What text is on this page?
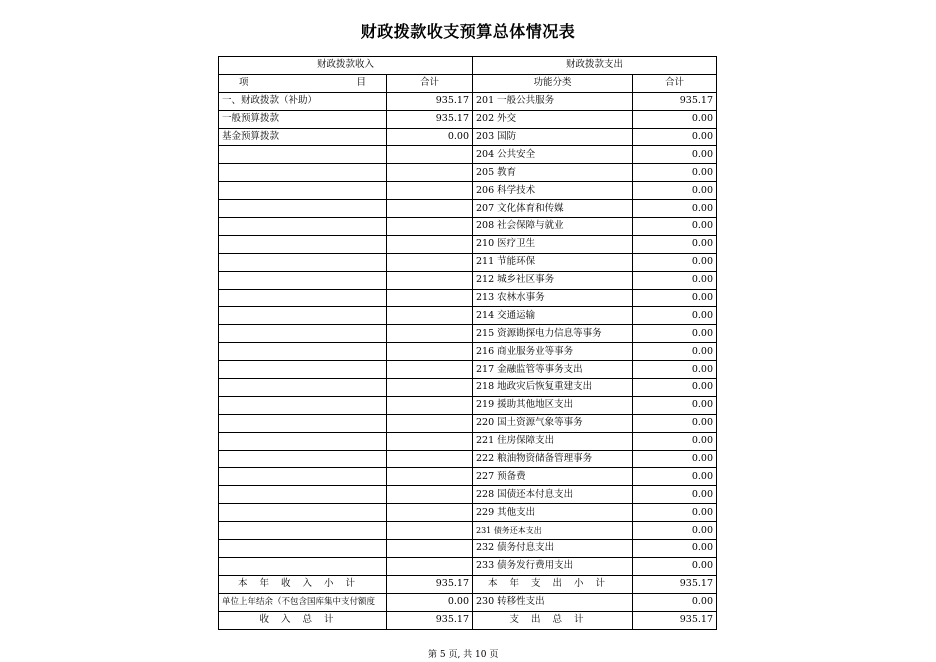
财政拨款收支预算总体情况表
财政拨款收入		财政拨款支出	
项 目	合计	功能分类	合计
一、财政拨款（补助）	935.17	201 一般公共服务	935.17
一般预算拨款	935.17	202 外交	0.00
基金预算拨款	0.00	203 国防	0.00
		204 公共安全	0.00
		205 教育	0.00
		206 科学技术	0.00
		207 文化体育和传媒	0.00
		208 社会保障与就业	0.00
		210 医疗卫生	0.00
		211 节能环保	0.00
		212 城乡社区事务	0.00
		213 农林水事务	0.00
		214 交通运输	0.00
		215 资源勘探电力信息等事务	0.00
		216 商业服务业等事务	0.00
		217 金融监管等事务支出	0.00
		218 地政灾后恢复重建支出	0.00
		219 援助其他地区支出	0.00
		220 国土资源气象等事务	0.00
		221 住房保障支出	0.00
		222 粮油物资储备管理事务	0.00
		227 预备费	0.00
		228 国债还本付息支出	0.00
		229 其他支出	0.00
		231 债务还本支出	0.00
		232 债务付息支出	0.00
		233 债务发行费用支出	0.00
本年收入小计	935.17	本年支出小计	935.17
单位上年结余（不包含国库集中支付额度	0.00	230 转移性支出	0.00
收入总计	935.17	支出总计	935.17
第 5 页, 共 10 页
